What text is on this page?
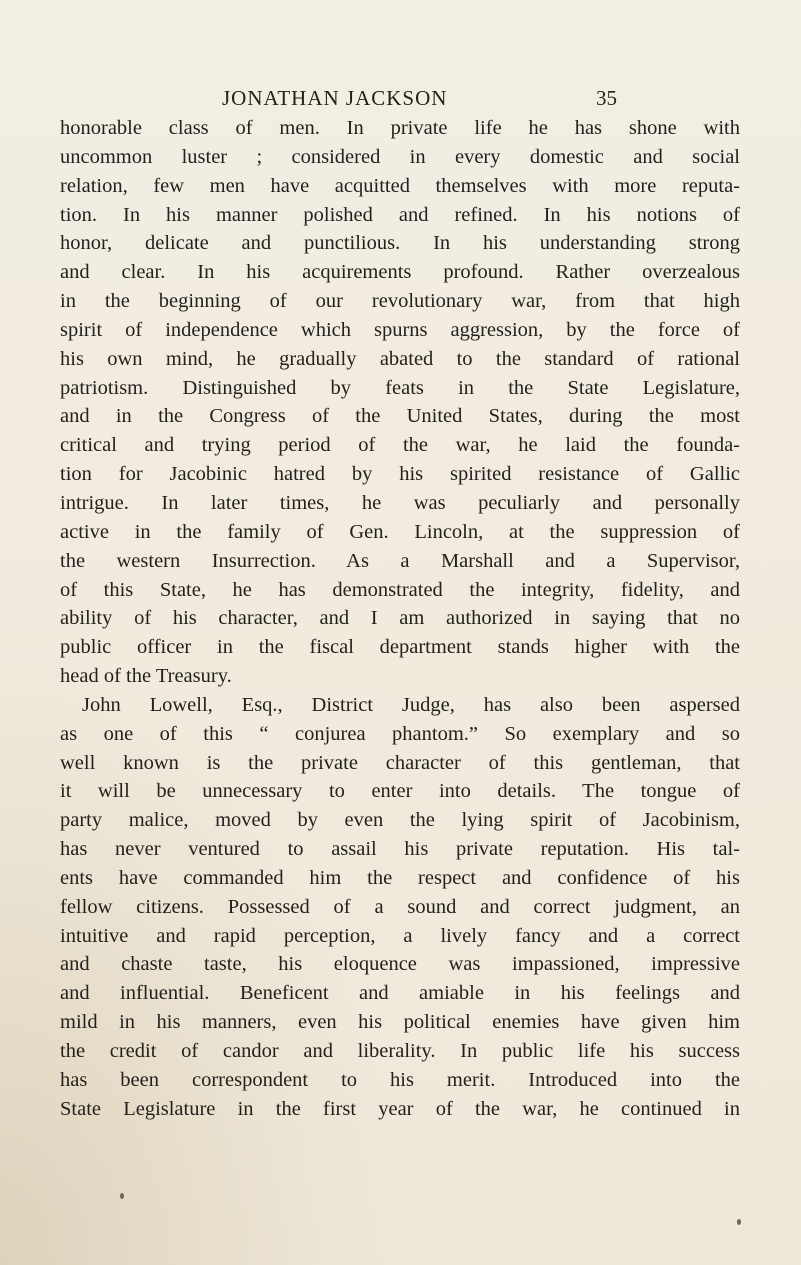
JONATHAN JACKSON	35
honorable class of men. In private life he has shone with
uncommon luster ; considered in every domestic and social
relation, few men have acquitted themselves with more reputa-
tion. In his manner polished and refined. In his notions of
honor, delicate and punctilious. In his understanding strong
and clear. In his acquirements profound. Rather overzealous
in the beginning of our revolutionary war, from that high
spirit of independence which spurns aggression, by the force of
his own mind, he gradually abated to the standard of rational
patriotism. Distinguished by feats in the State Legislature,
and in the Congress of the United States, during the most
critical and trying period of the war, he laid the founda-
tion for Jacobinic hatred by his spirited resistance of Gallic
intrigue. In later times, he was peculiarly and personally
active in the family of Gen. Lincoln, at the suppression of
the western Insurrection. As a Marshall and a Supervisor,
of this State, he has demonstrated the integrity, fidelity, and
ability of his character, and I am authorized in saying that no
public officer in the fiscal department stands higher with the
head of the Treasury.
John Lowell, Esq., District Judge, has also been aspersed
as one of this “ conjurea phantom.” So exemplary and so
well known is the private character of this gentleman, that
it will be unnecessary to enter into details. The tongue of
party malice, moved by even the lying spirit of Jacobinism,
has never ventured to assail his private reputation. His tal-
ents have commanded him the respect and confidence of his
fellow citizens. Possessed of a sound and correct judgment, an
intuitive and rapid perception, a lively fancy and a correct
and chaste taste, his eloquence was impassioned, impressive
and influential. Beneficent and amiable in his feelings and
mild in his manners, even his political enemies have given him
the credit of candor and liberality. In public life his success
has been correspondent to his merit. Introduced into the
State Legislature in the first year of the war, he continued in
